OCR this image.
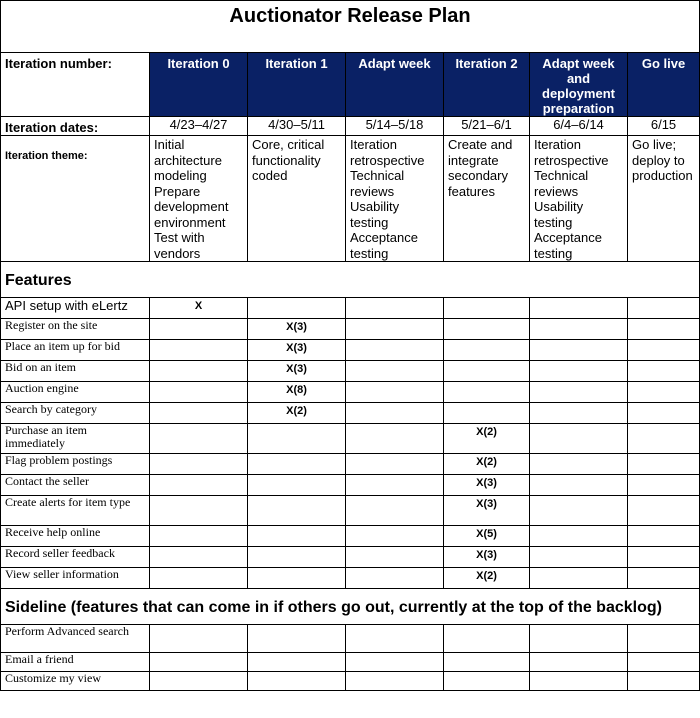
Auctionator Release Plan						
Iteration number:	Iteration 0	Iteration 1	Adapt week	Iteration 2	Adapt week and deployment preparation	Go live
Iteration dates:	4/23–4/27	4/30–5/11	5/14–5/18	5/21–6/1	6/4–6/14	6/15
Iteration theme:	Initial architecture modeling Prepare development environment Test with vendors	Core, critical functionality coded	Iteration retrospective Technical reviews Usability testing Acceptance testing	Create and integrate secondary features	Iteration retrospective Technical reviews Usability testing Acceptance testing	Go live; deploy to production
Features						
API setup with eLertz	X					
Register on the site		X(3)				
Place an item up for bid		X(3)				
Bid on an item		X(3)				
Auction engine		X(8)				
Search by category		X(2)				
Purchase an item immediately				X(2)		
Flag problem postings				X(2)		
Contact the seller				X(3)		
Create alerts for item type				X(3)		
Receive help online				X(5)		
Record seller feedback				X(3)		
View seller information				X(2)		
Sideline (features that can come in if others go out, currently at the top of the backlog)						
Perform Advanced search						
Email a friend						
Customize my view						
